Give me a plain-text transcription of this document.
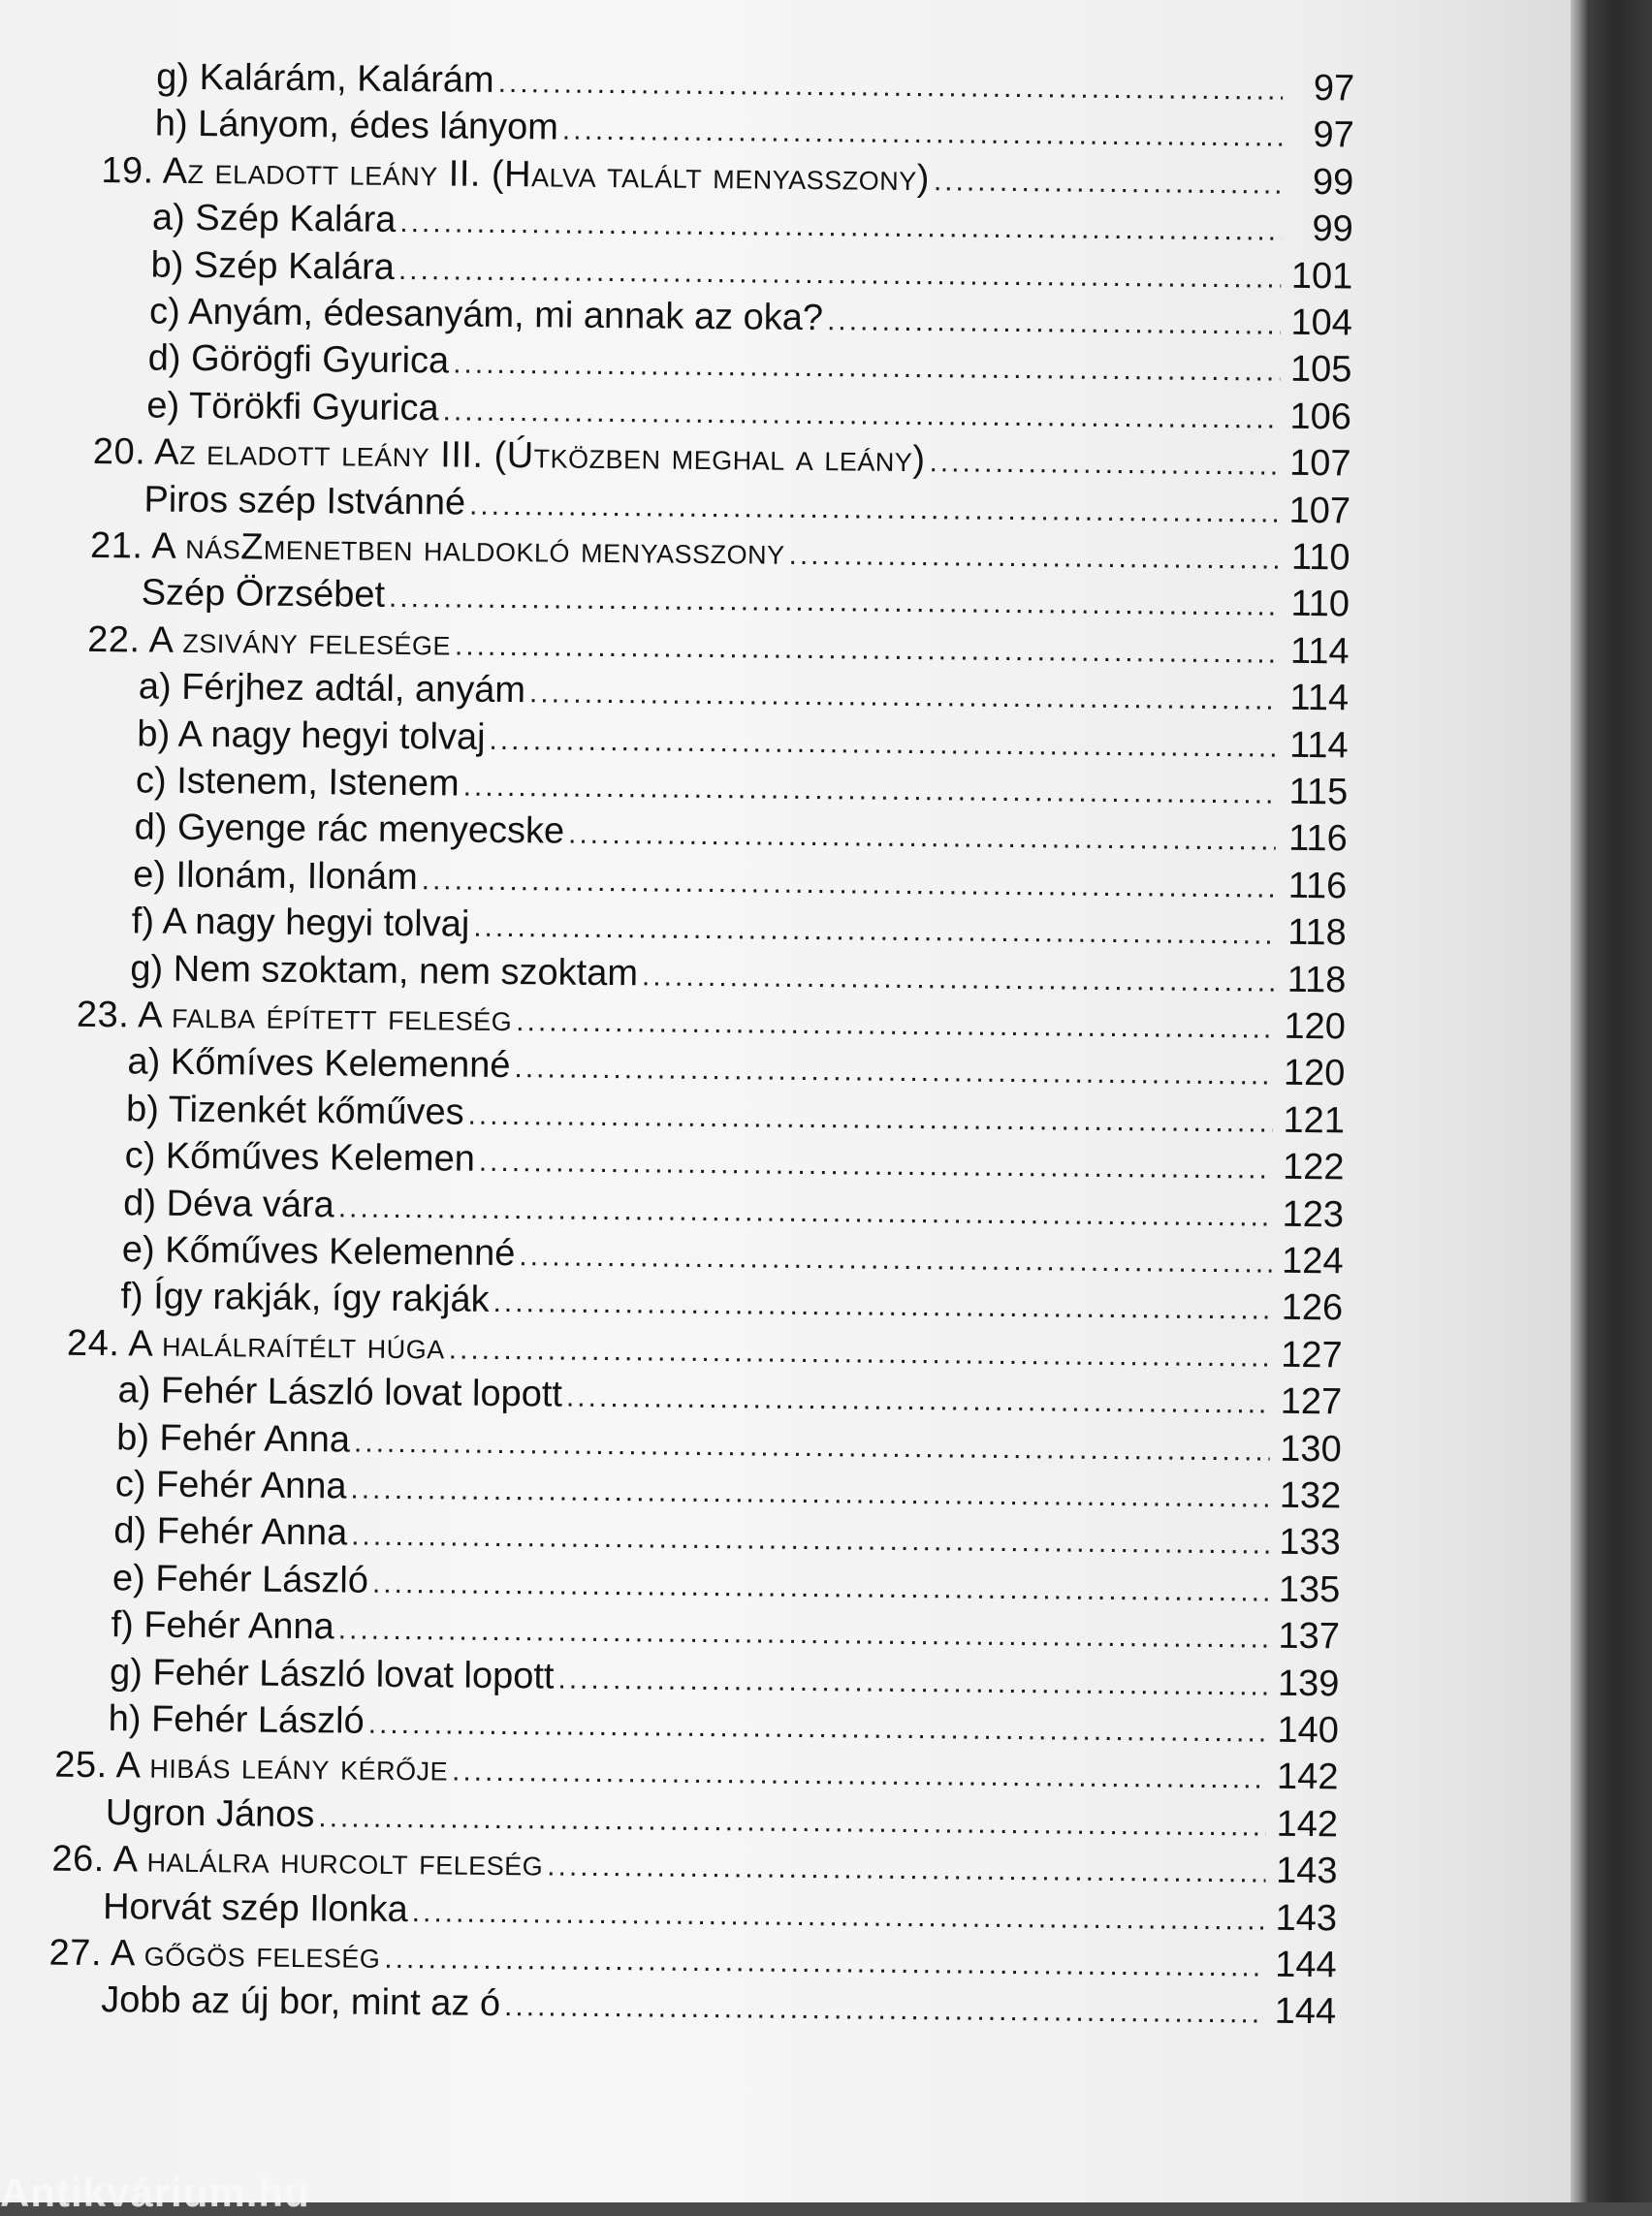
g) Kalárám, Kalárám .....	97
h) Lányom, édes lányom .....	97
19. Az eladott leány II. (Halva talált menyasszony) .....	99
a) Szép Kalára .....	99
b) Szép Kalára .....	101
c) Anyám, édesanyám, mi annak az oka? .....	104
d) Görögfi Gyurica .....	105
e) Törökfi Gyurica .....	106
20. Az eladott leány III. (Útközben meghal a leány) .....	107
Piros szép Istvánné .....	107
21. A násZmenetben haldokló menyasszony .....	110
Szép Örzsébet .....	110
22. A zsivány felesége .....	114
a) Férjhez adtál, anyám .....	114
b) A nagy hegyi tolvaj .....	114
c) Istenem, Istenem .....	115
d) Gyenge rác menyecske .....	116
e) Ilonám, Ilonám .....	116
f) A nagy hegyi tolvaj .....	118
g) Nem szoktam, nem szoktam .....	118
23. A falba épített feleség .....	120
a) Kőmíves Kelemenné .....	120
b) Tizenkét kőműves .....	121
c) Kőműves Kelemen .....	122
d) Déva vára .....	123
e) Kőműves Kelemenné .....	124
f) Így rakják, így rakják .....	126
24. A halálraítélt húga .....	127
a) Fehér László lovat lopott .....	127
b) Fehér Anna .....	130
c) Fehér Anna .....	132
d) Fehér Anna .....	133
e) Fehér László .....	135
f) Fehér Anna .....	137
g) Fehér László lovat lopott .....	139
h) Fehér László .....	140
25. A hibás leány kérője .....	142
Ugron János .....	142
26. A halálra hurcolt feleség .....	143
Horvát szép Ilonka .....	143
27. A gőgös feleség .....	144
Jobb az új bor, mint az ó .....	144
Antikvárium.hu
